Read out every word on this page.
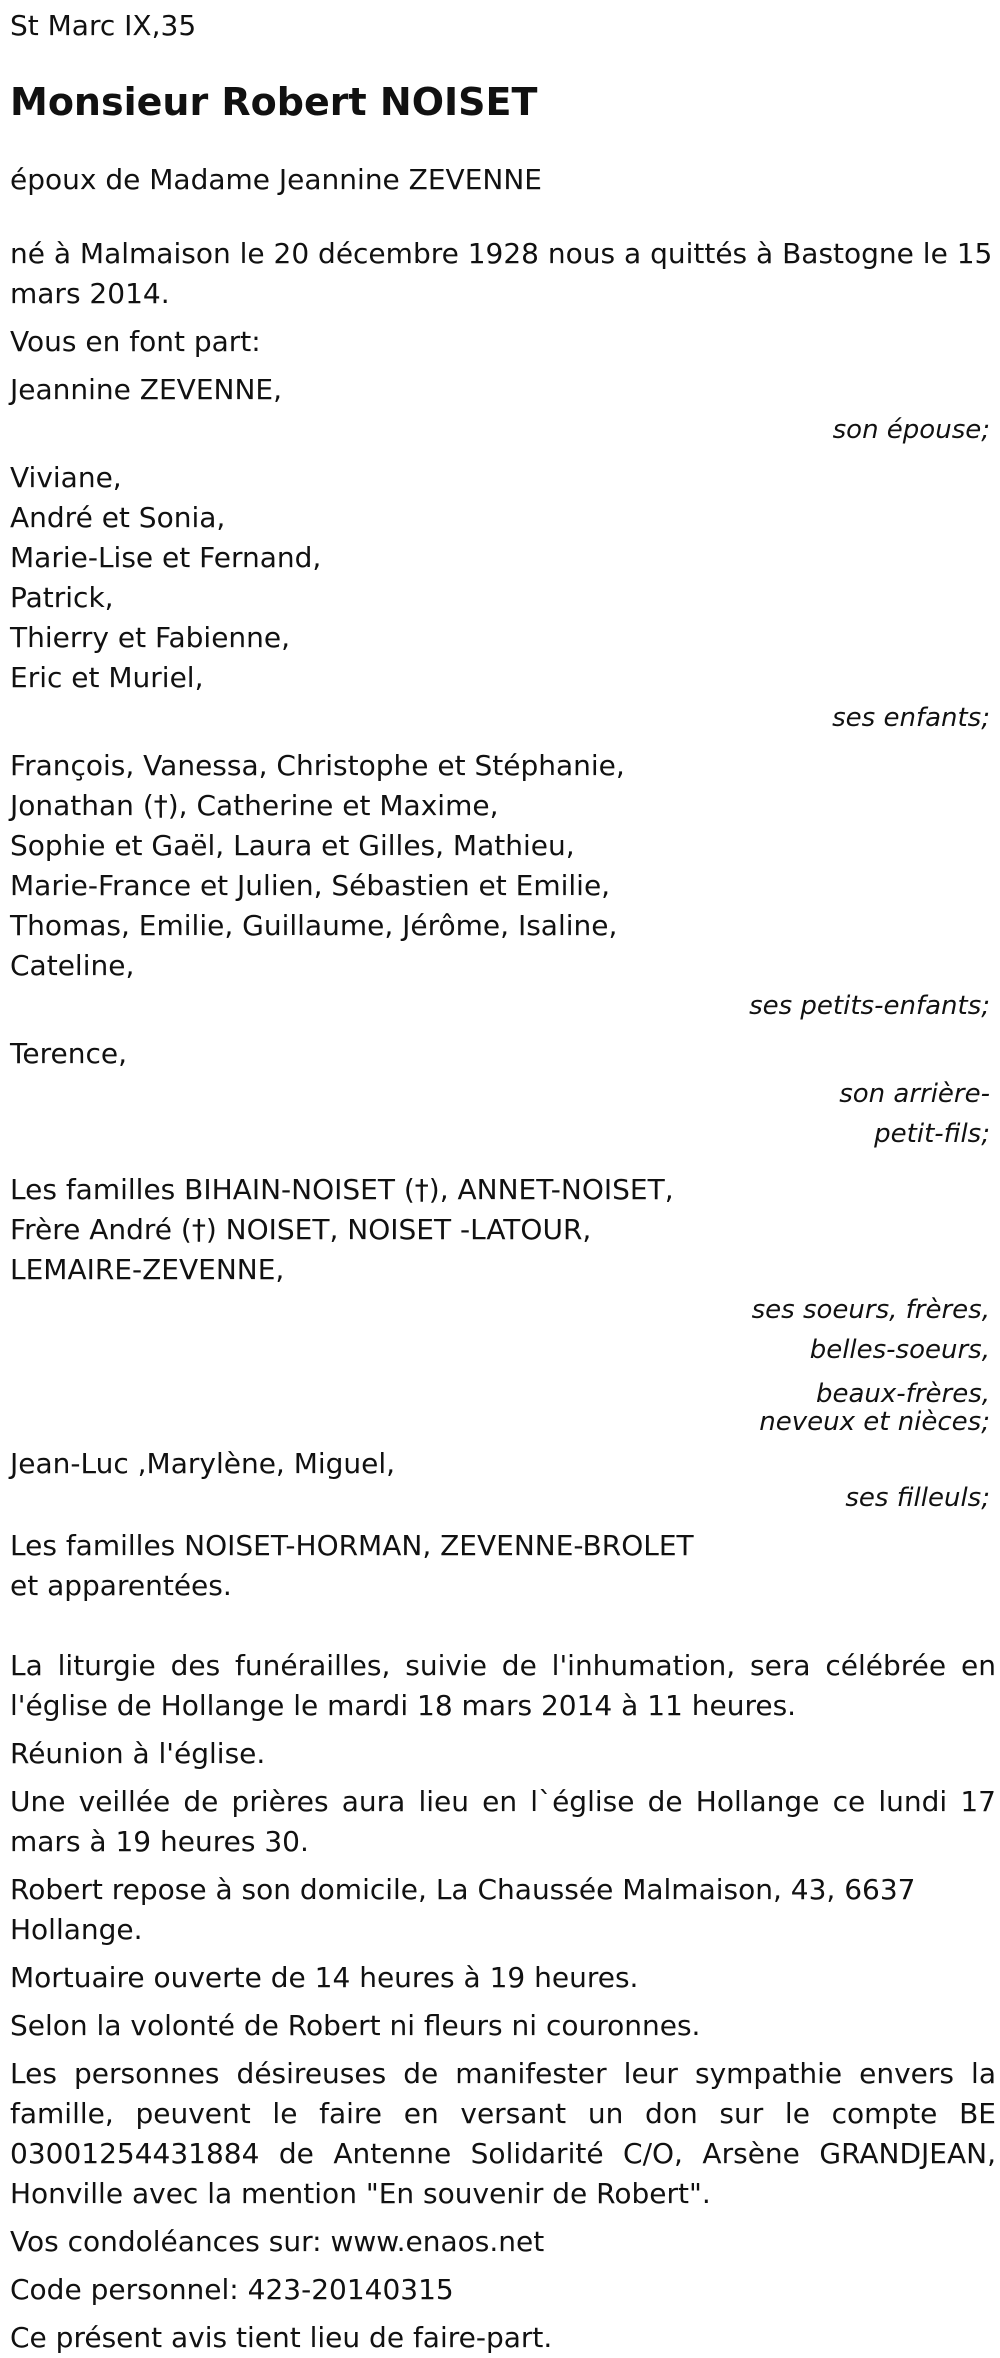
St Marc IX,35
Monsieur Robert NOISET
époux de Madame Jeannine ZEVENNE
né à Malmaison le 20 décembre 1928 nous a quittés à Bastogne le 15 mars 2014.
Vous en font part:
Jeannine ZEVENNE,
son épouse;
Viviane,
André et Sonia,
Marie-Lise et Fernand,
Patrick,
Thierry et Fabienne,
Eric et Muriel,
ses enfants;
François, Vanessa, Christophe et Stéphanie,
Jonathan (†), Catherine et Maxime,
Sophie et Gaël, Laura et Gilles, Mathieu,
Marie-France et Julien, Sébastien et Emilie,
Thomas, Emilie, Guillaume, Jérôme, Isaline,
Cateline,
ses petits-enfants;
Terence,
son arrière-
petit-fils;
Les familles BIHAIN-NOISET (†), ANNET-NOISET,
Frère André (†) NOISET, NOISET -LATOUR,
LEMAIRE-ZEVENNE,
ses soeurs, frères,
belles-soeurs,
beaux-frères,
neveux et nièces;
Jean-Luc ,Marylène, Miguel,
ses filleuls;
Les familles NOISET-HORMAN, ZEVENNE-BROLET
et apparentées.
La liturgie des funérailles, suivie de l'inhumation, sera célébrée en l'église de Hollange le mardi 18 mars 2014 à 11 heures.
Réunion à l'église.
Une veillée de prières aura lieu en l`église de Hollange ce lundi 17 mars à 19 heures 30.
Robert repose à son domicile, La Chaussée Malmaison, 43, 6637 Hollange.
Mortuaire ouverte de 14 heures à 19 heures.
Selon la volonté de Robert ni fleurs ni couronnes.
Les personnes désireuses de manifester leur sympathie envers la famille, peuvent le faire en versant un don sur le compte BE 03001254431884 de Antenne Solidarité C/O, Arsène GRANDJEAN, Honville avec la mention "En souvenir de Robert".
Vos condoléances sur: www.enaos.net
Code personnel: 423-20140315
Ce présent avis tient lieu de faire-part.
